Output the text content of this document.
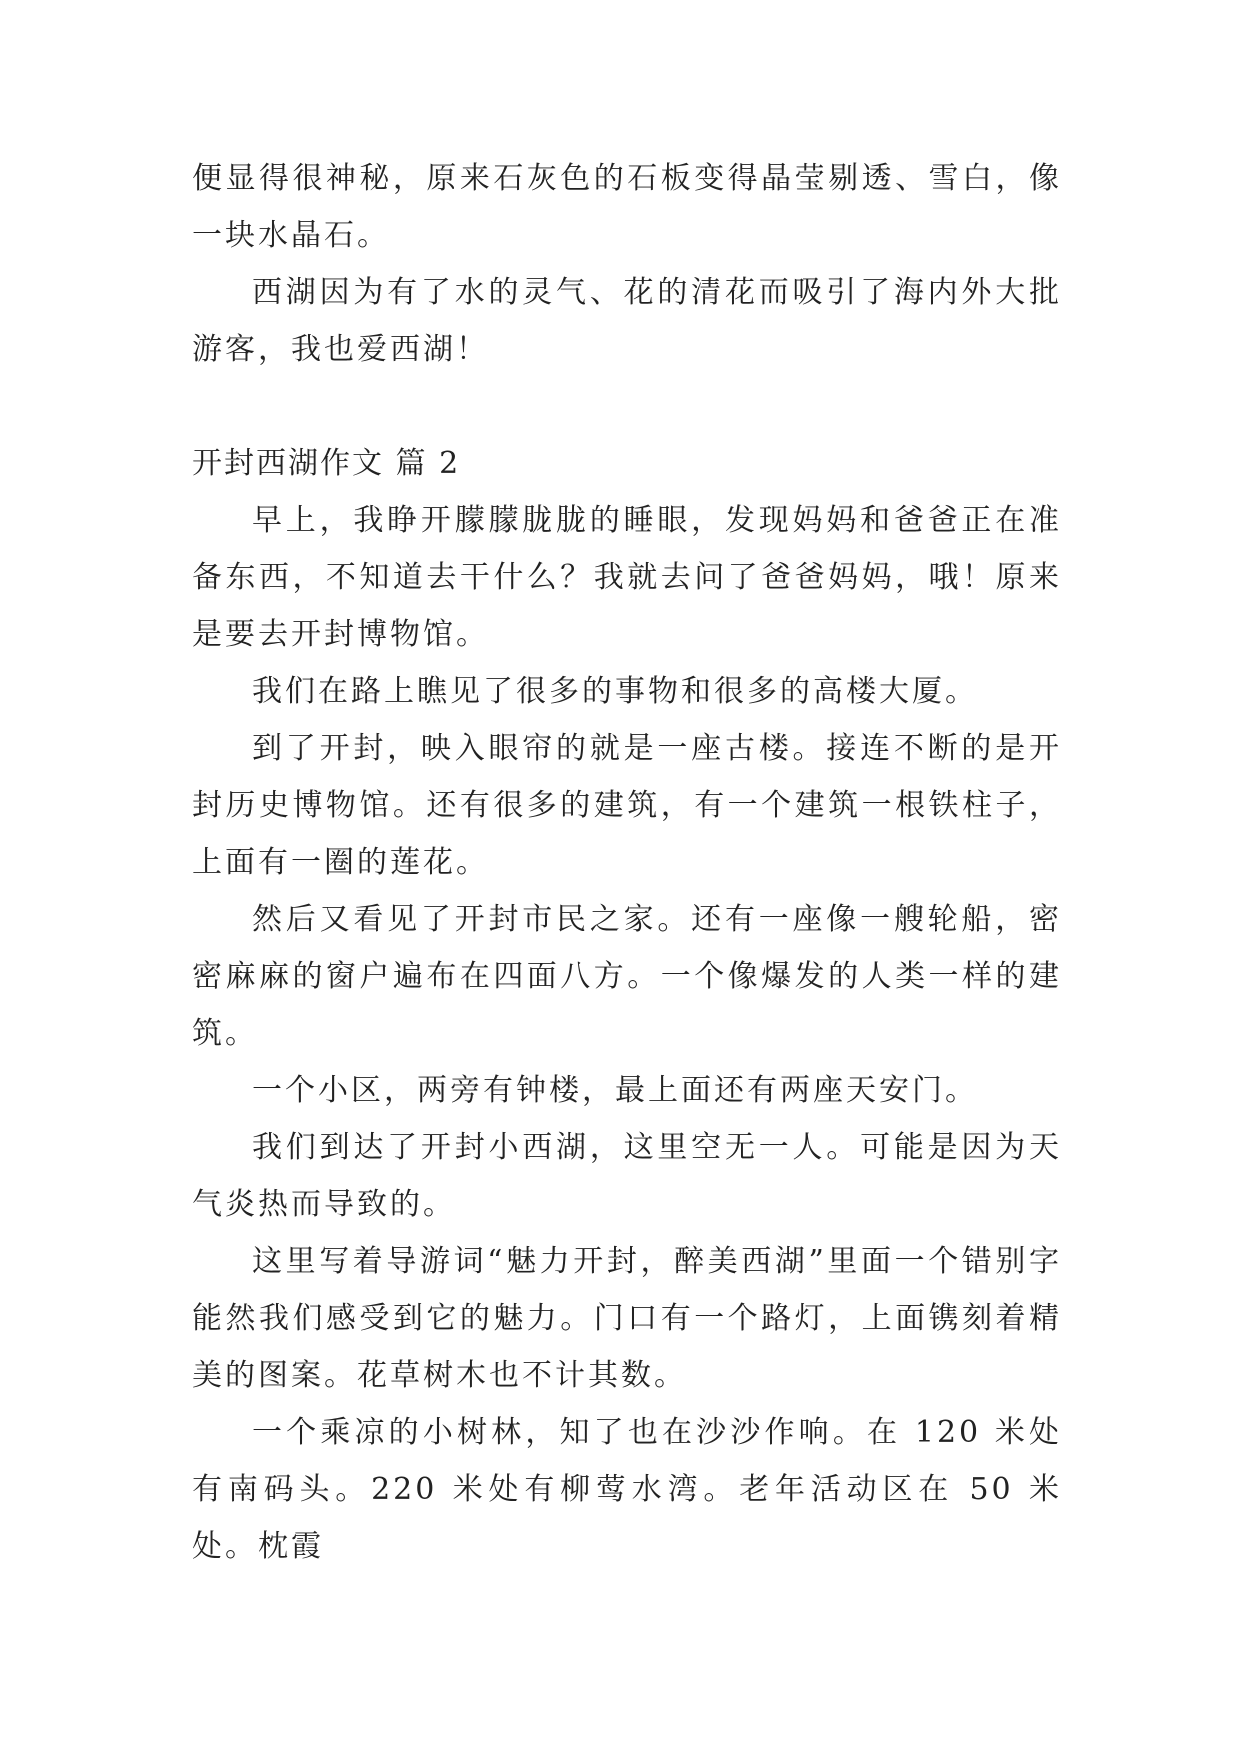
便显得很神秘，原来石灰色的石板变得晶莹剔透、雪白，像一块水晶石。

西湖因为有了水的灵气、花的清花而吸引了海内外大批游客，我也爱西湖！

开封西湖作文 篇 2

早上，我睁开朦朦胧胧的睡眼，发现妈妈和爸爸正在准备东西，不知道去干什么？我就去问了爸爸妈妈，哦！原来是要去开封博物馆。

我们在路上瞧见了很多的事物和很多的高楼大厦。

到了开封，映入眼帘的就是一座古楼。接连不断的是开封历史博物馆。还有很多的建筑，有一个建筑一根铁柱子，上面有一圈的莲花。

然后又看见了开封市民之家。还有一座像一艘轮船，密密麻麻的窗户遍布在四面八方。一个像爆发的人类一样的建筑。

一个小区，两旁有钟楼，最上面还有两座天安门。

我们到达了开封小西湖，这里空无一人。可能是因为天气炎热而导致的。

这里写着导游词“魅力开封，醉美西湖”里面一个错别字能然我们感受到它的魅力。门口有一个路灯，上面镌刻着精美的图案。花草树木也不计其数。

一个乘凉的小树林，知了也在沙沙作响。在 120 米处有南码头。220 米处有柳莺水湾。老年活动区在 50 米处。枕霞
